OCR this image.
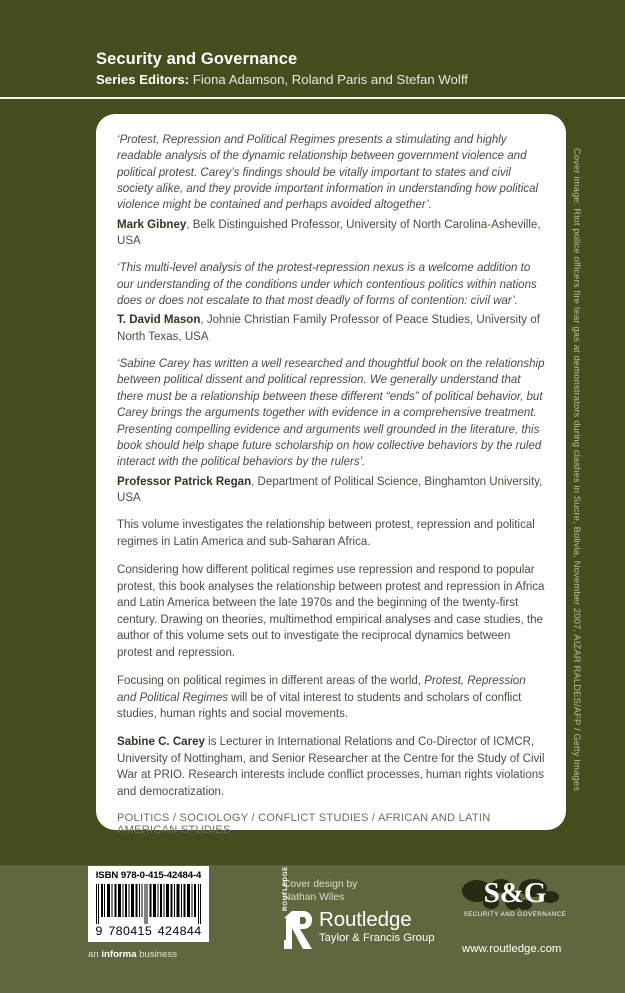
Security and Governance
Series Editors: Fiona Adamson, Roland Paris and Stefan Wolff
Cover image: Riot police officers fire tear gas at demonstrators during clashes in Sucre, Bolivia, November 2007, AIZAR RALDES/AFP / Getty Images

‘Protest, Repression and Political Regimes presents a stimulating and highly readable analysis of the dynamic relationship between government violence and political protest. Carey’s findings should be vitally important to states and civil society alike, and they provide important information in understanding how political violence might be contained and perhaps avoided altogether’.

Mark Gibney, Belk Distinguished Professor, University of North Carolina-Asheville, USA

‘This multi-level analysis of the protest-repression nexus is a welcome addition to our understanding of the conditions under which contentious politics within nations does or does not escalate to that most deadly of forms of contention: civil war’.

T. David Mason, Johnie Christian Family Professor of Peace Studies, University of North Texas, USA

‘Sabine Carey has written a well researched and thoughtful book on the relationship between political dissent and political repression. We generally understand that there must be a relationship between these different “ends” of political behavior, but Carey brings the arguments together with evidence in a comprehensive treatment. Presenting compelling evidence and arguments well grounded in the literature, this book should help shape future scholarship on how collective behaviors by the ruled interact with the political behaviors by the rulers’.

Professor Patrick Regan, Department of Political Science, Binghamton University, USA

This volume investigates the relationship between protest, repression and political regimes in Latin America and sub-Saharan Africa.

Considering how different political regimes use repression and respond to popular protest, this book analyses the relationship between protest and repression in Africa and Latin America between the late 1970s and the beginning of the twenty-first century. Drawing on theories, multimethod empirical analyses and case studies, the author of this volume sets out to investigate the reciprocal dynamics between protest and repression.

Focusing on political regimes in different areas of the world, Protest, Repression and Political Regimes will be of vital interest to students and scholars of conflict studies, human rights and social movements.

Sabine C. Carey is Lecturer in International Relations and Co-Director of ICMCR, University of Nottingham, and Senior Researcher at the Centre for the Study of Civil War at PRIO. Research interests include conflict processes, human rights violations and democratization.

POLITICS / SOCIOLOGY / CONFLICT STUDIES / AFRICAN AND LATIN AMERICAN STUDIES

ISBN 978-0-415-42484-4
9 780415 424844
an informa business
Cover design by
Nathan Wiles
ROUTLEDGE
Routledge
Taylor & Francis Group
S&G
SECURITY AND GOVERNANCE
www.routledge.com
